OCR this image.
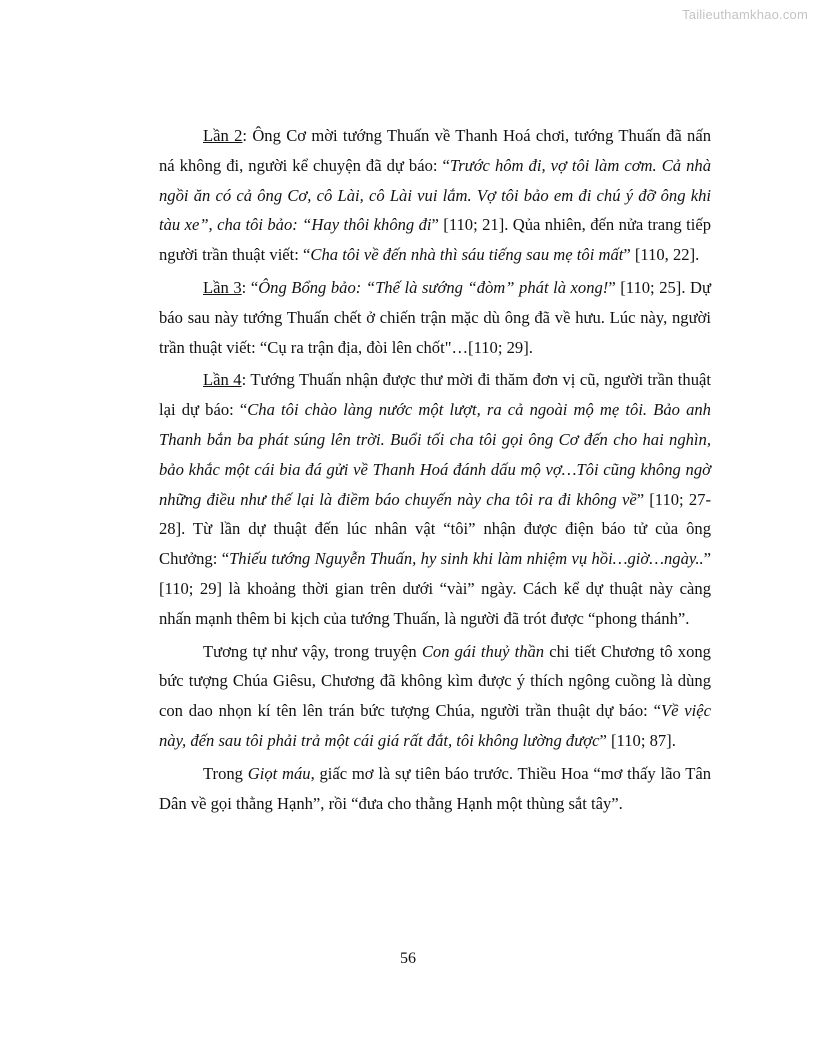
Tailieuthamkhao.com

Lần 2: Ông Cơ mời tướng Thuấn về Thanh Hoá chơi, tướng Thuấn đã nấn ná không đi, người kể chuyện đã dự báo: “Trước hôm đi, vợ tôi làm cơm. Cả nhà ngồi ăn có cả ông Cơ, cô Lài, cô Lài vui lắm. Vợ tôi bảo em đi chú ý đỡ ông khi tàu xe”, cha tôi bảo: “Hay thôi không đi” [110; 21]. Qủa nhiên, đến nửa trang tiếp người trần thuật viết: “Cha tôi về đến nhà thì sáu tiếng sau mẹ tôi mất” [110, 22].

Lần 3: “Ông Bổng bảo: “Thế là sướng “đòm” phát là xong!” [110; 25]. Dự báo sau này tướng Thuấn chết ở chiến trận mặc dù ông đã về hưu. Lúc này, người trần thuật viết: “Cụ ra trận địa, đòi lên chốt"…[110; 29].

Lần 4: Tướng Thuấn nhận được thư mời đi thăm đơn vị cũ, người trần thuật lại dự báo: “Cha tôi chào làng nước một lượt, ra cả ngoài mộ mẹ tôi. Bảo anh Thanh bắn ba phát súng lên trời. Buổi tối cha tôi gọi ông Cơ đến cho hai nghìn, bảo khắc một cái bia đá gửi về Thanh Hoá đánh dấu mộ vợ…Tôi cũng không ngờ những điều như thế lại là điềm báo chuyến này cha tôi ra đi không về” [110; 27-28]. Từ lần dự thuật đến lúc nhân vật “tôi” nhận được điện báo tử của ông Chưởng: “Thiếu tướng Nguyễn Thuấn, hy sinh khi làm nhiệm vụ hồi…giờ…ngày..” [110; 29] là khoảng thời gian trên dưới “vài” ngày. Cách kể dự thuật này càng nhấn mạnh thêm bi kịch của tướng Thuấn, là người đã trót được “phong thánh”.

Tương tự như vậy, trong truyện Con gái thuỷ thần chi tiết Chương tô xong bức tượng Chúa Giêsu, Chương đã không kìm được ý thích ngông cuồng là dùng con dao nhọn kí tên lên trán bức tượng Chúa, người trần thuật dự báo: “Về việc này, đến sau tôi phải trả một cái giá rất đắt, tôi không lường được” [110; 87].

Trong Giọt máu, giấc mơ là sự tiên báo trước. Thiều Hoa “mơ thấy lão Tân Dân về gọi thằng Hạnh”, rồi “đưa cho thằng Hạnh một thùng sắt tây”.

56
